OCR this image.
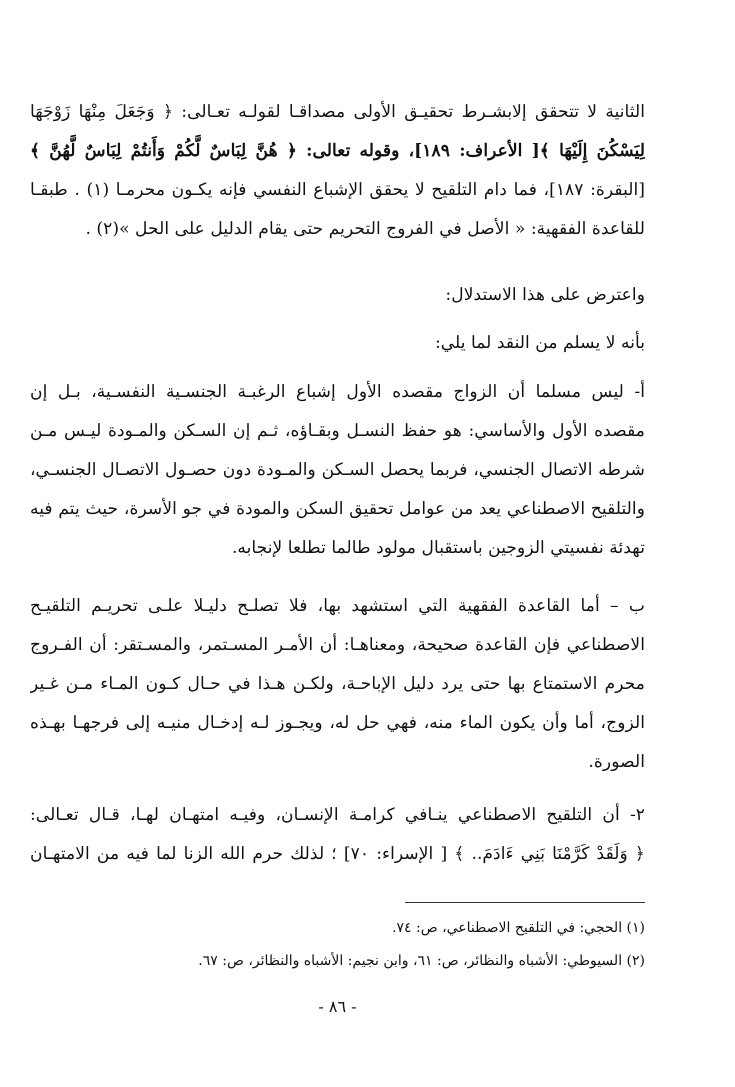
الثانية لا تتحقق إلابشـرط تحقيـق الأولى مصداقـا لقولـه تعـالى: ﴿ وَجَعَلَ مِنْهَا زَوْجَهَا
لِيَسْكُنَ إِلَيْهَا ﴾[ الأعراف: ١٨٩]، وقوله تعالى: ﴿ هُنَّ لِبَاسٌ لَّكُمْ وَأَنتُمْ لِبَاسٌ لَّهُنَّ ﴾
[البقرة: ١٨٧]، فما دام التلقيح لا يحقق الإشباع النفسي فإنه يكـون محرمـا (١) . طبقـا
للقاعدة الفقهية: « الأصل في الفروج التحريم حتى يقام الدليل على الحل »(٢) .
واعترض على هذا الاستدلال:
بأنه لا يسلم من النقد لما يلي:
أ- ليس مسلما أن الزواج مقصده الأول إشباع الرغبـة الجنسـية النفسـية، بـل إن
مقصده الأول والأساسي: هو حفظ النسـل وبقـاؤه، ثـم إن السـكن والمـودة ليـس مـن
شرطه الاتصال الجنسي، فربما يحصل السـكن والمـودة دون حصـول الاتصـال الجنسـي،
والتلقيح الاصطناعي يعد من عوامل تحقيق السكن والمودة في جو الأسرة، حيث يتم فيه
تهدئة نفسيتي الزوجين باستقبال مولود طالما تطلعا لإنجابه.
ب – أما القاعدة الفقهية التي استشهد بها، فلا تصلـح دليـلا علـى تحريـم التلقيـح
الاصطناعي فإن القاعدة صحيحة، ومعناهـا: أن الأمـر المسـتمر، والمسـتقر: أن الفـروج
محرم الاستمتاع بها حتى يرد دليل الإباحـة، ولكـن هـذا في حـال كـون المـاء مـن غـير
الزوج، أما وأن يكون الماء منه، فهي حل له، ويجـوز لـه إدخـال منيـه إلى فرجهـا بهـذه
الصورة.
٢- أن التلقيح الاصطناعي ينـافي كرامـة الإنسـان، وفيـه امتهـان لهـا، قـال تعـالى:
﴿ وَلَقَدْ كَرَّمْنَا بَنِي ءَادَمَ.. ﴾ [ الإسراء: ٧٠] ؛ لذلك حرم الله الزنا لما فيه من الامتهـان
(١) الحجي: في التلقيح الاصطناعي، ص: ٧٤.
(٢) السيوطي: الأشباه والنظائر، ص: ٦١، وابن نجيم: الأشباه والنظائر، ص: ٦٧.
- ٨٦ -
